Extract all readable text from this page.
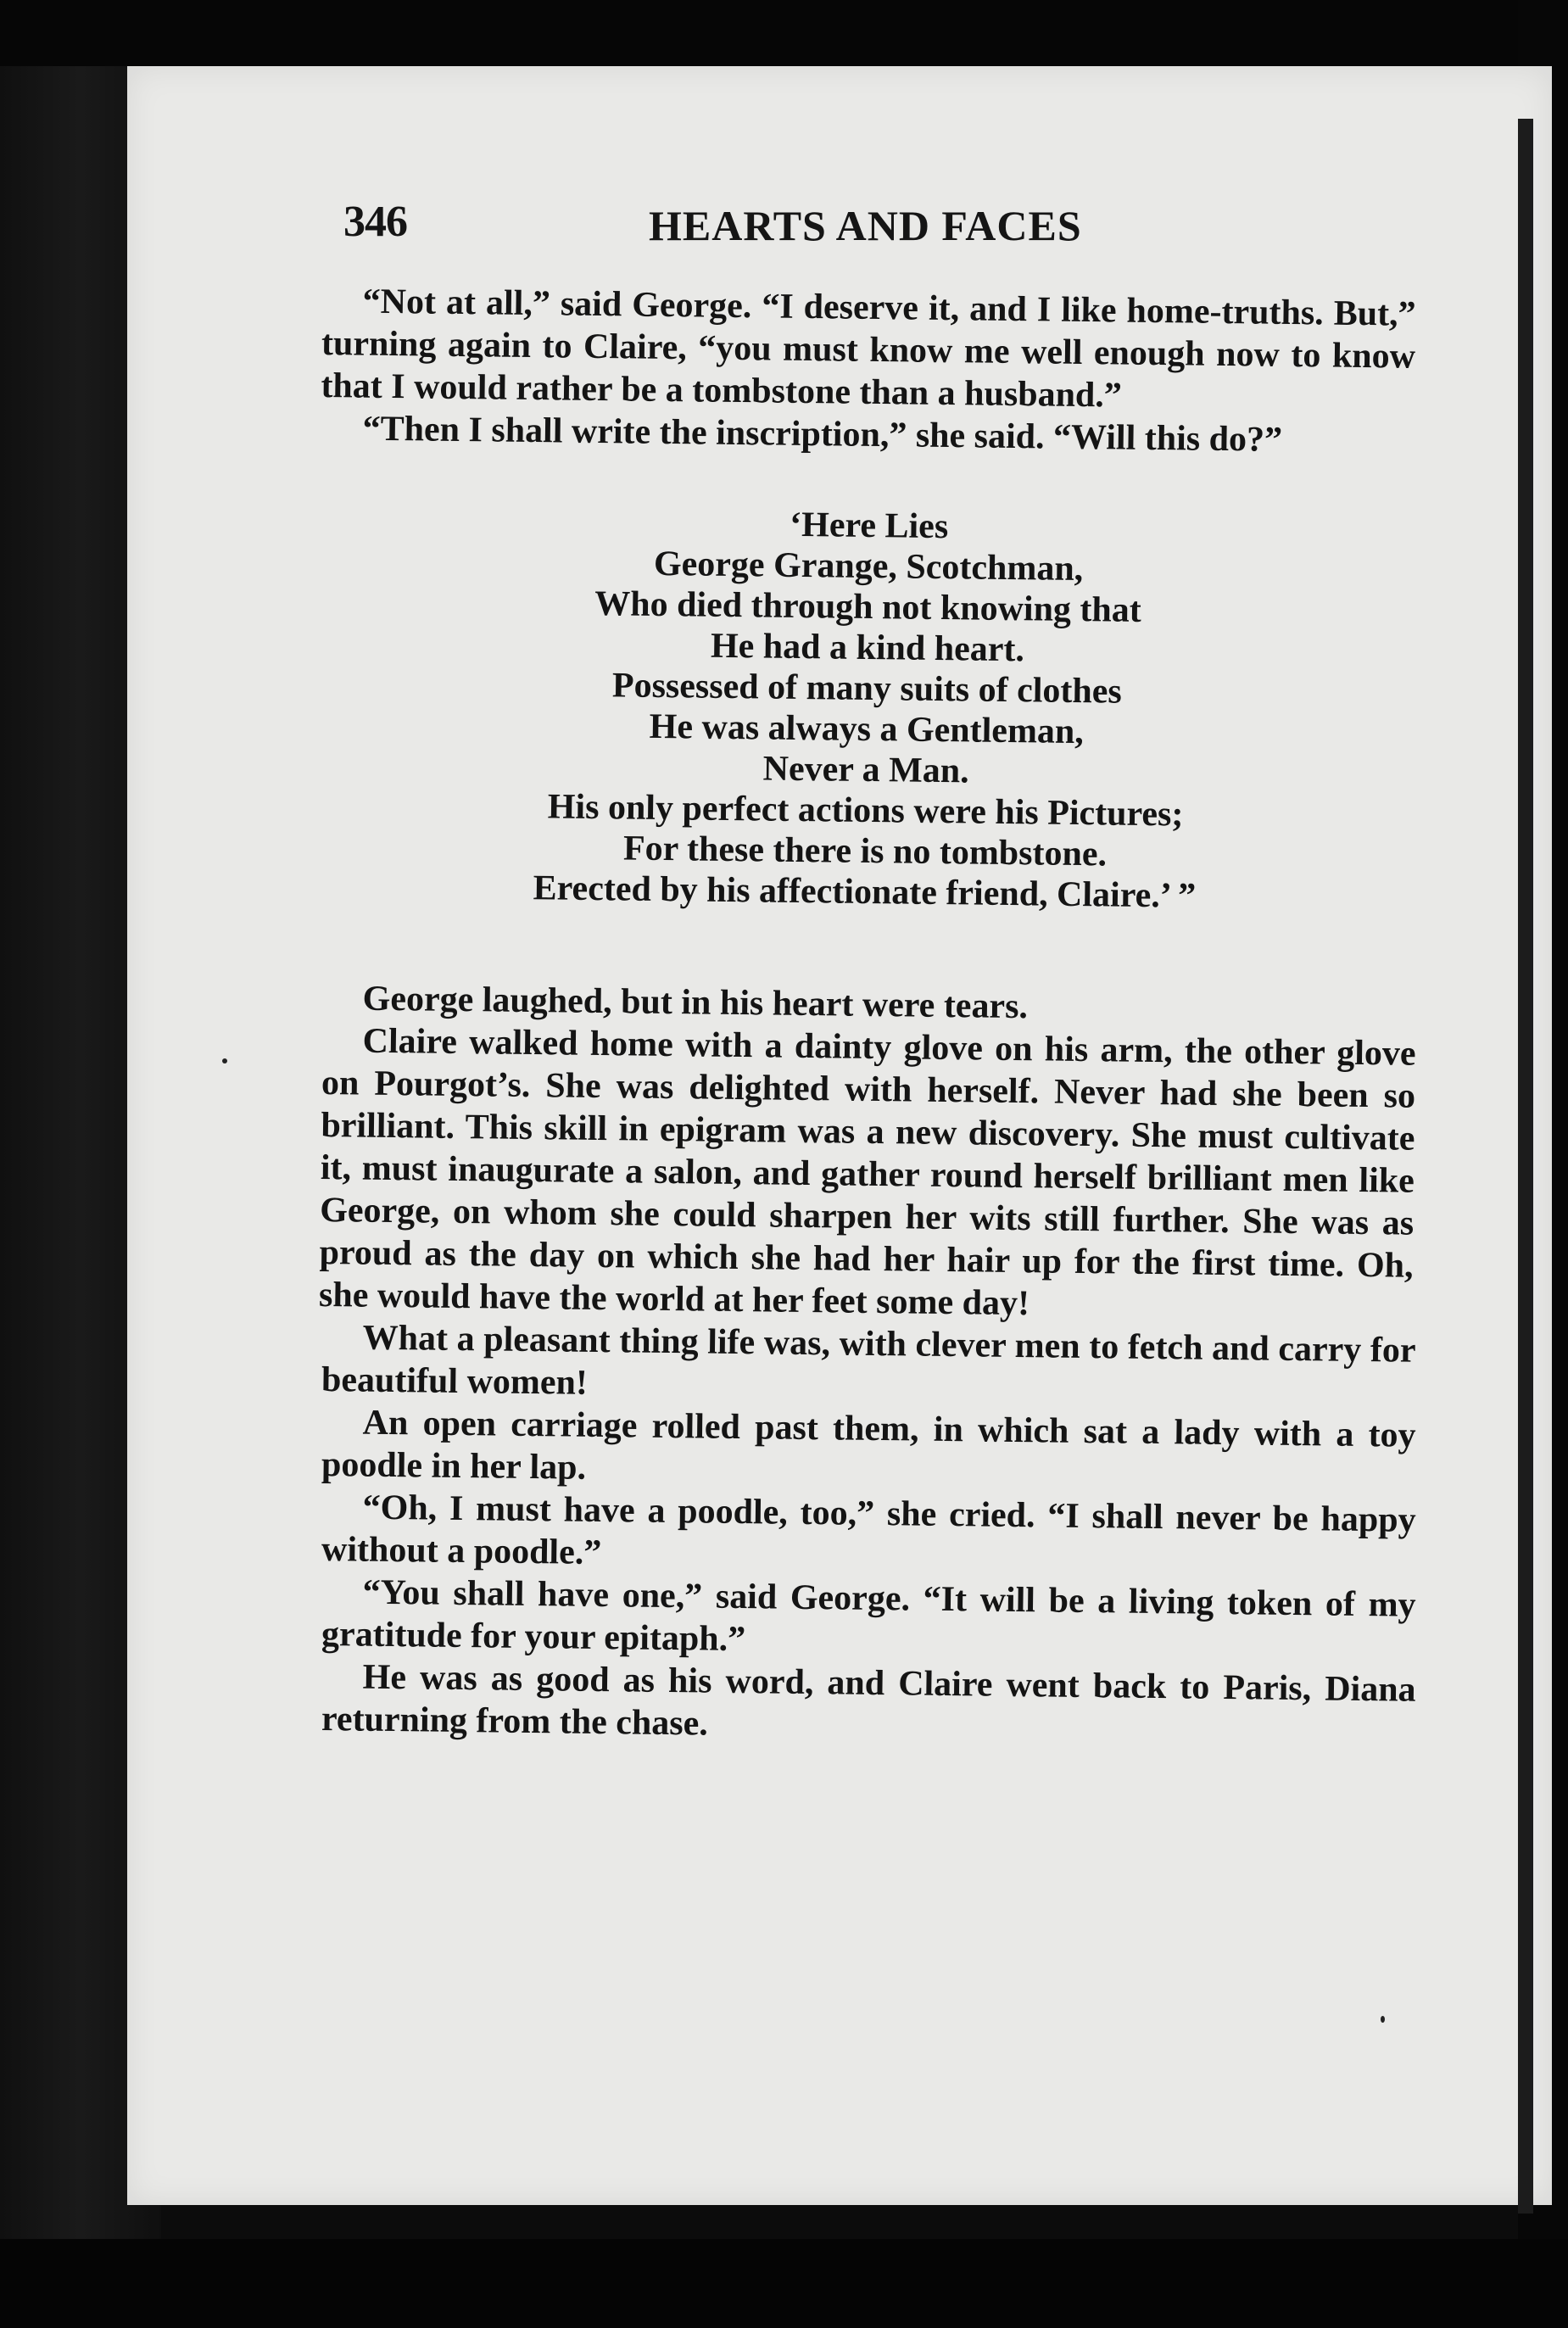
346	HEARTS AND FACES

“Not at all,” said George. “I deserve it, and I like home-truths. But,” turning again to Claire, “you must know me well enough now to know that I would rather be a tombstone than a husband.”

“Then I shall write the inscription,” she said. “Will this do?”

‘Here Lies
George Grange, Scotchman,
Who died through not knowing that
He had a kind heart.
Possessed of many suits of clothes
He was always a Gentleman,
Never a Man.
His only perfect actions were his Pictures;
For these there is no tombstone.
Erected by his affectionate friend, Claire.’ ”

George laughed, but in his heart were tears.

Claire walked home with a dainty glove on his arm, the other glove on Pourgot’s. She was delighted with herself. Never had she been so brilliant. This skill in epigram was a new discovery. She must cultivate it, must inaugurate a salon, and gather round herself brilliant men like George, on whom she could sharpen her wits still further. She was as proud as the day on which she had her hair up for the first time. Oh, she would have the world at her feet some day!

What a pleasant thing life was, with clever men to fetch and carry for beautiful women!

An open carriage rolled past them, in which sat a lady with a toy poodle in her lap.

“Oh, I must have a poodle, too,” she cried. “I shall never be happy without a poodle.”

“You shall have one,” said George. “It will be a living token of my gratitude for your epitaph.”

He was as good as his word, and Claire went back to Paris, Diana returning from the chase.
